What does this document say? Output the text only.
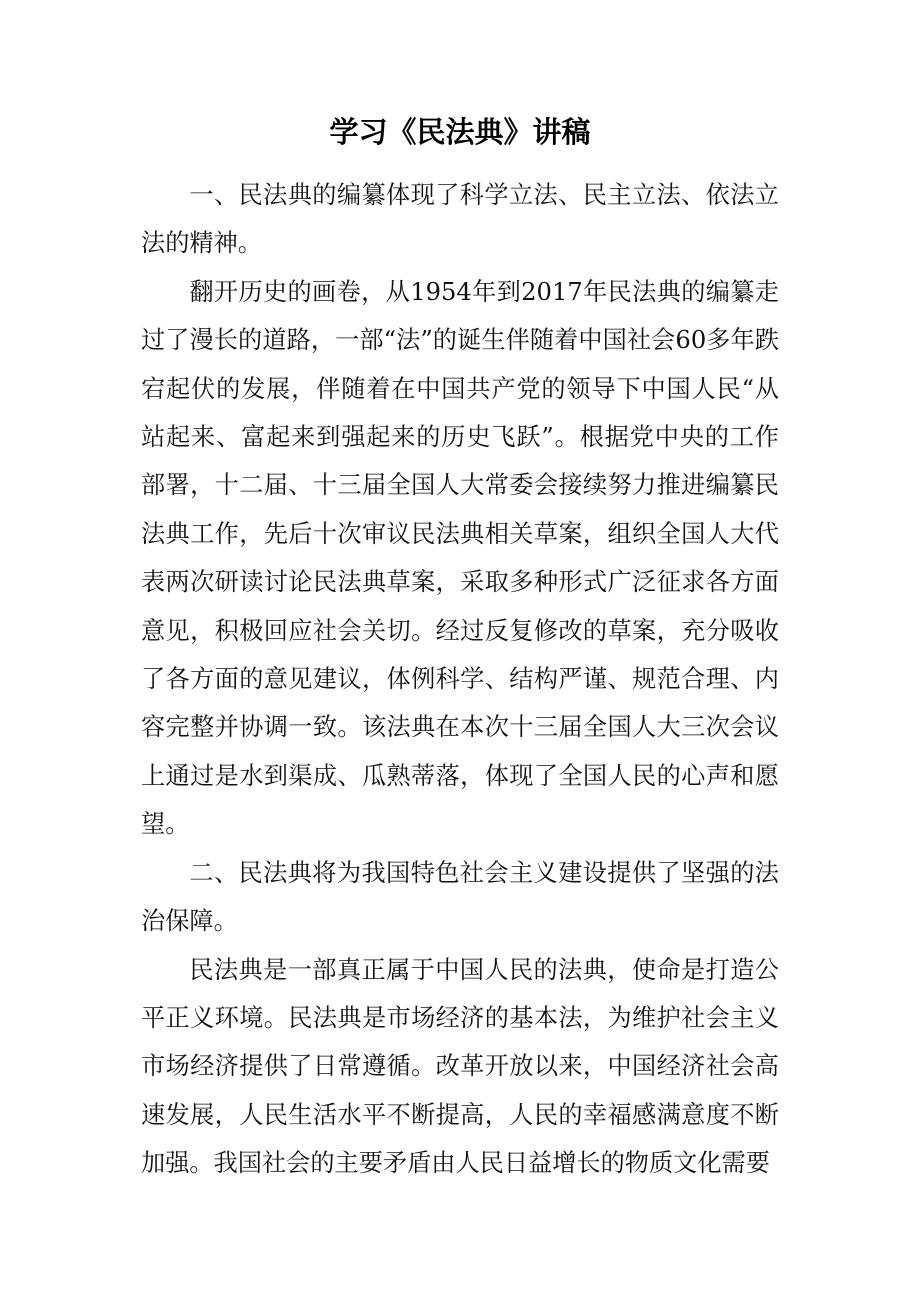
学习《民法典》讲稿

一、民法典的编纂体现了科学立法、民主立法、依法立法的精神。

翻开历史的画卷，从1954年到2017年民法典的编纂走过了漫长的道路，一部“法”的诞生伴随着中国社会60多年跌宕起伏的发展，伴随着在中国共产党的领导下中国人民“从站起来、富起来到强起来的历史飞跃”。根据党中央的工作部署，十二届、十三届全国人大常委会接续努力推进编纂民法典工作，先后十次审议民法典相关草案，组织全国人大代表两次研读讨论民法典草案，采取多种形式广泛征求各方面意见，积极回应社会关切。经过反复修改的草案，充分吸收了各方面的意见建议，体例科学、结构严谨、规范合理、内容完整并协调一致。该法典在本次十三届全国人大三次会议上通过是水到渠成、瓜熟蒂落，体现了全国人民的心声和愿望。

二、民法典将为我国特色社会主义建设提供了坚强的法治保障。

民法典是一部真正属于中国人民的法典，使命是打造公平正义环境。民法典是市场经济的基本法，为维护社会主义市场经济提供了日常遵循。改革开放以来，中国经济社会高速发展，人民生活水平不断提高，人民的幸福感满意度不断加强。我国社会的主要矛盾由人民日益增长的物质文化需要
